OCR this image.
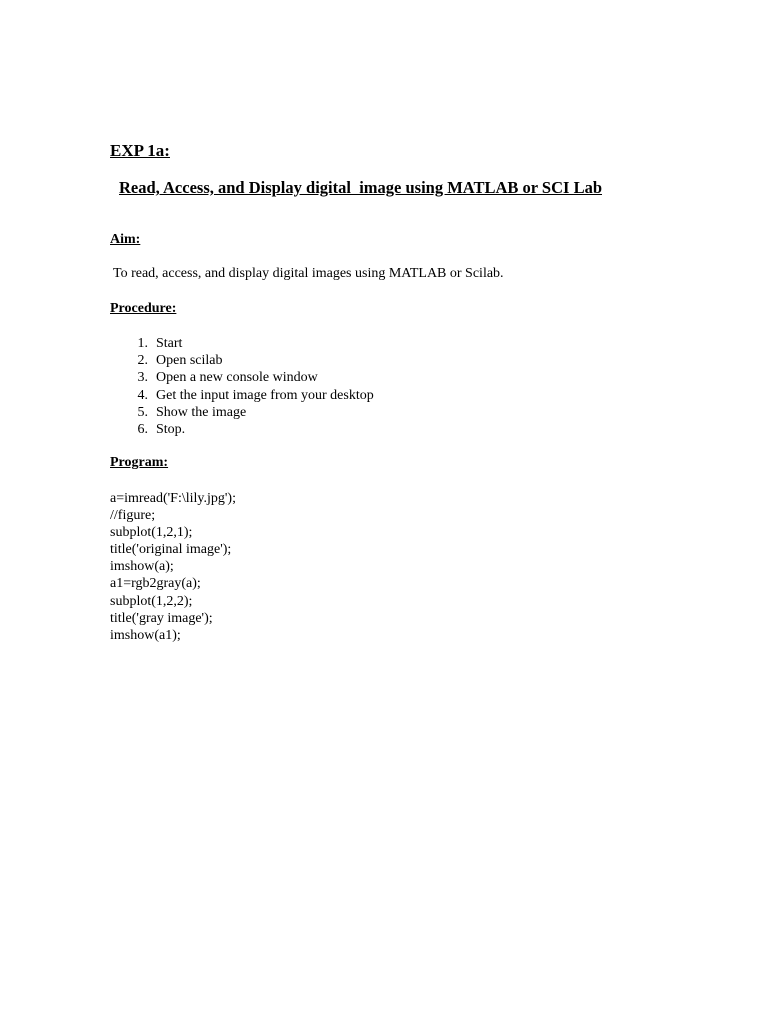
EXP 1a:
Read, Access, and Display digital  image using MATLAB or SCI Lab
Aim:
To read, access, and display digital images using MATLAB or Scilab.
Procedure:
1. Start
2. Open scilab
3. Open a new console window
4. Get the input image from your desktop
5. Show the image
6. Stop.
Program:
a=imread('F:\lily.jpg');
//figure;
subplot(1,2,1);
title('original image');
imshow(a);
a1=rgb2gray(a);
subplot(1,2,2);
title('gray image');
imshow(a1);
